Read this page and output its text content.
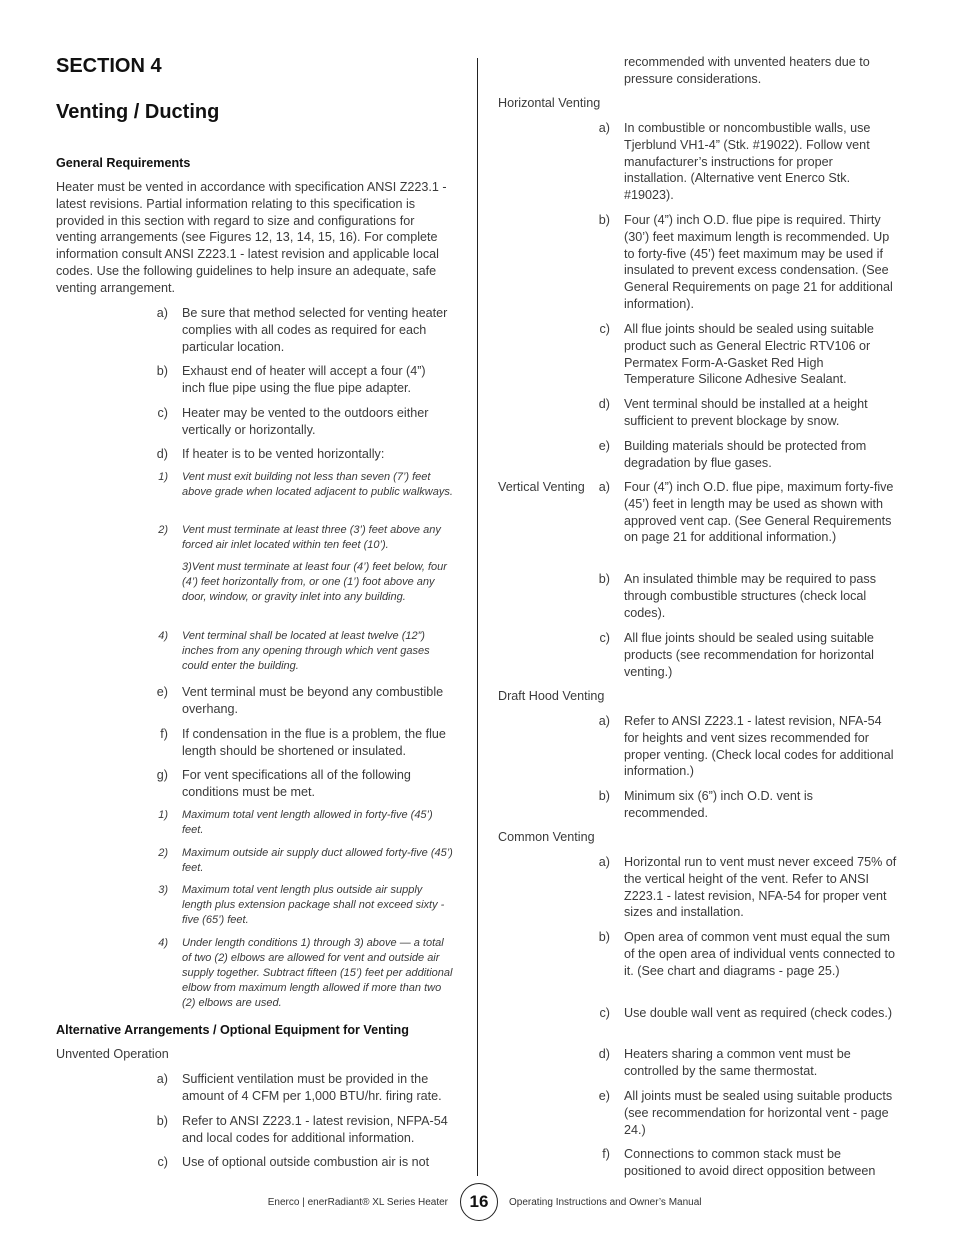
SECTION 4
Venting / Ducting
General Requirements
Heater must be vented in accordance with specification ANSI Z223.1 - latest revisions. Partial information relating to this specification is provided in this section with regard to size and configurations for venting arrangements (see Figures 12, 13, 14, 15, 16). For complete information consult ANSI Z223.1 - latest revision and applicable local codes. Use the following guidelines to help insure an adequate, safe venting arrangement.
a) Be sure that method selected for venting heater complies with all codes as required for each particular location.
b) Exhaust end of heater will accept a four (4”) inch flue pipe using the flue pipe adapter.
c) Heater may be vented to the outdoors either vertically or horizontally.
d) If heater is to be vented horizontally:
1) Vent must exit building not less than seven (7’) feet above grade when located adjacent to public walkways.
2) Vent must terminate at least three (3’) feet above any forced air inlet located within ten feet (10’).
3)Vent must terminate at least four (4’) feet below, four (4’) feet horizontally from, or one (1’) foot above any door, window, or gravity inlet into any building.
4) Vent terminal shall be located at least twelve (12”) inches from any opening through which vent gases could enter the building.
e) Vent terminal must be beyond any combustible overhang.
f) If condensation in the flue is a problem, the flue length should be shortened or insulated.
g) For vent specifications all of the following conditions must be met.
1) Maximum total vent length allowed in forty-five (45’) feet.
2) Maximum outside air supply duct allowed forty-five (45’) feet.
3) Maximum total vent length plus outside air supply length plus extension package shall not exceed sixty -five (65’) feet.
4) Under length conditions 1) through 3) above — a total of two (2) elbows are allowed for vent and outside air supply together. Subtract fifteen (15’) feet per additional elbow from maximum length allowed if more than two (2) elbows are used.
a) Sufficient ventilation must be provided in the amount of 4 CFM per 1,000 BTU/hr. firing rate.
b) Refer to ANSI Z223.1 - latest revision, NFPA-54 and local codes for additional information.
c) Use of optional outside combustion air is not
Alternative Arrangements / Optional Equipment for Venting
Unvented Operation
recommended with unvented heaters due to pressure considerations.
Horizontal Venting
Vertical Venting
Draft Hood Venting
Common Venting
a) In combustible or noncombustible walls, use Tjerblund VH1-4” (Stk. #19022). Follow vent manufacturer’s instructions for proper installation. (Alternative vent Enerco Stk. #19023).
b) Four (4”) inch O.D. flue pipe is required. Thirty (30’) feet maximum length is recommended. Up to forty-five (45’) feet maximum may be used if insulated to prevent excess condensation. (See General Requirements on page 21 for additional information).
c) All flue joints should be sealed using suitable product such as General Electric RTV106 or Permatex Form-A-Gasket Red High Temperature Silicone Adhesive Sealant.
d) Vent terminal should be installed at a height sufficient to prevent blockage by snow.
e) Building materials should be protected from degradation by flue gases.
a) Four (4”) inch O.D. flue pipe, maximum forty-five (45’) feet in length may be used as shown with approved vent cap. (See General Requirements on page 21 for additional information.)
b) An insulated thimble may be required to pass through combustible structures (check local codes).
c) All flue joints should be sealed using suitable products (see recommendation for horizontal venting.)
a) Refer to ANSI Z223.1 - latest revision, NFA-54 for heights and vent sizes recommended for proper venting. (Check local codes for additional information.)
b) Minimum six (6”) inch O.D. vent is recommended.
a) Horizontal run to vent must never exceed 75% of the vertical height of the vent. Refer to ANSI Z223.1 - latest revision, NFA-54 for proper vent sizes and installation.
b) Open area of common vent must equal the sum of the open area of individual vents connected to it. (See chart and diagrams - page 25.)
c) Use double wall vent as required (check codes.)
d) Heaters sharing a common vent must be controlled by the same thermostat.
e) All joints must be sealed using suitable products (see recommendation for horizontal vent - page 24.)
f) Connections to common stack must be positioned to avoid direct opposition between
Enerco | enerRadiant® XL Series Heater	16	Operating Instructions and Owner’s Manual
